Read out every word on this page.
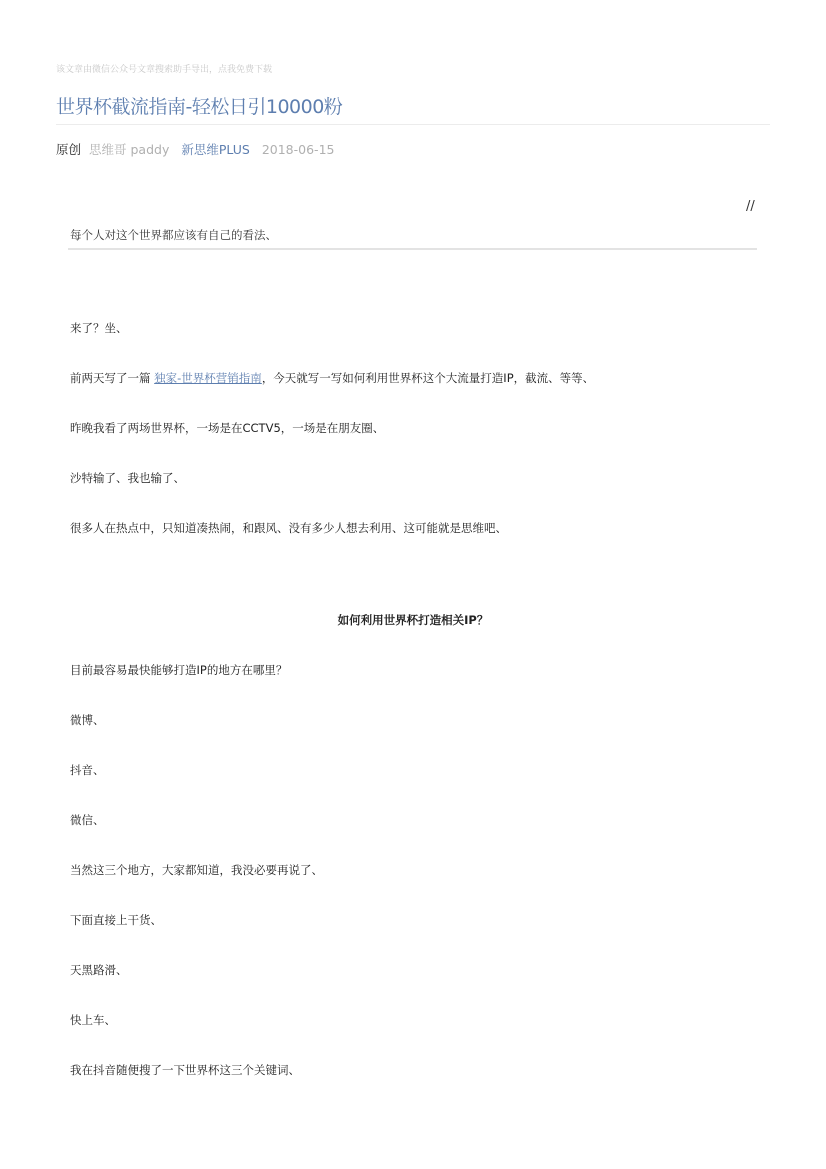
该文章由微信公众号文章搜索助手导出，点我免费下载
世界杯截流指南-轻松日引10000粉
原创 思维哥 paddy 新思维PLUS 2018-06-15
//
每个人对这个世界都应该有自己的看法、
来了？坐、
前两天写了一篇 独家-世界杯营销指南，今天就写一写如何利用世界杯这个大流量打造IP，截流、等等、
昨晚我看了两场世界杯，一场是在CCTV5，一场是在朋友圈、
沙特输了、我也输了、
很多人在热点中，只知道凑热闹，和跟风、没有多少人想去利用、这可能就是思维吧、
如何利用世界杯打造相关IP？
目前最容易最快能够打造IP的地方在哪里？
微博、
抖音、
微信、
当然这三个地方，大家都知道，我没必要再说了、
下面直接上干货、
天黑路滑、
快上车、
我在抖音随便搜了一下世界杯这三个关键词、
